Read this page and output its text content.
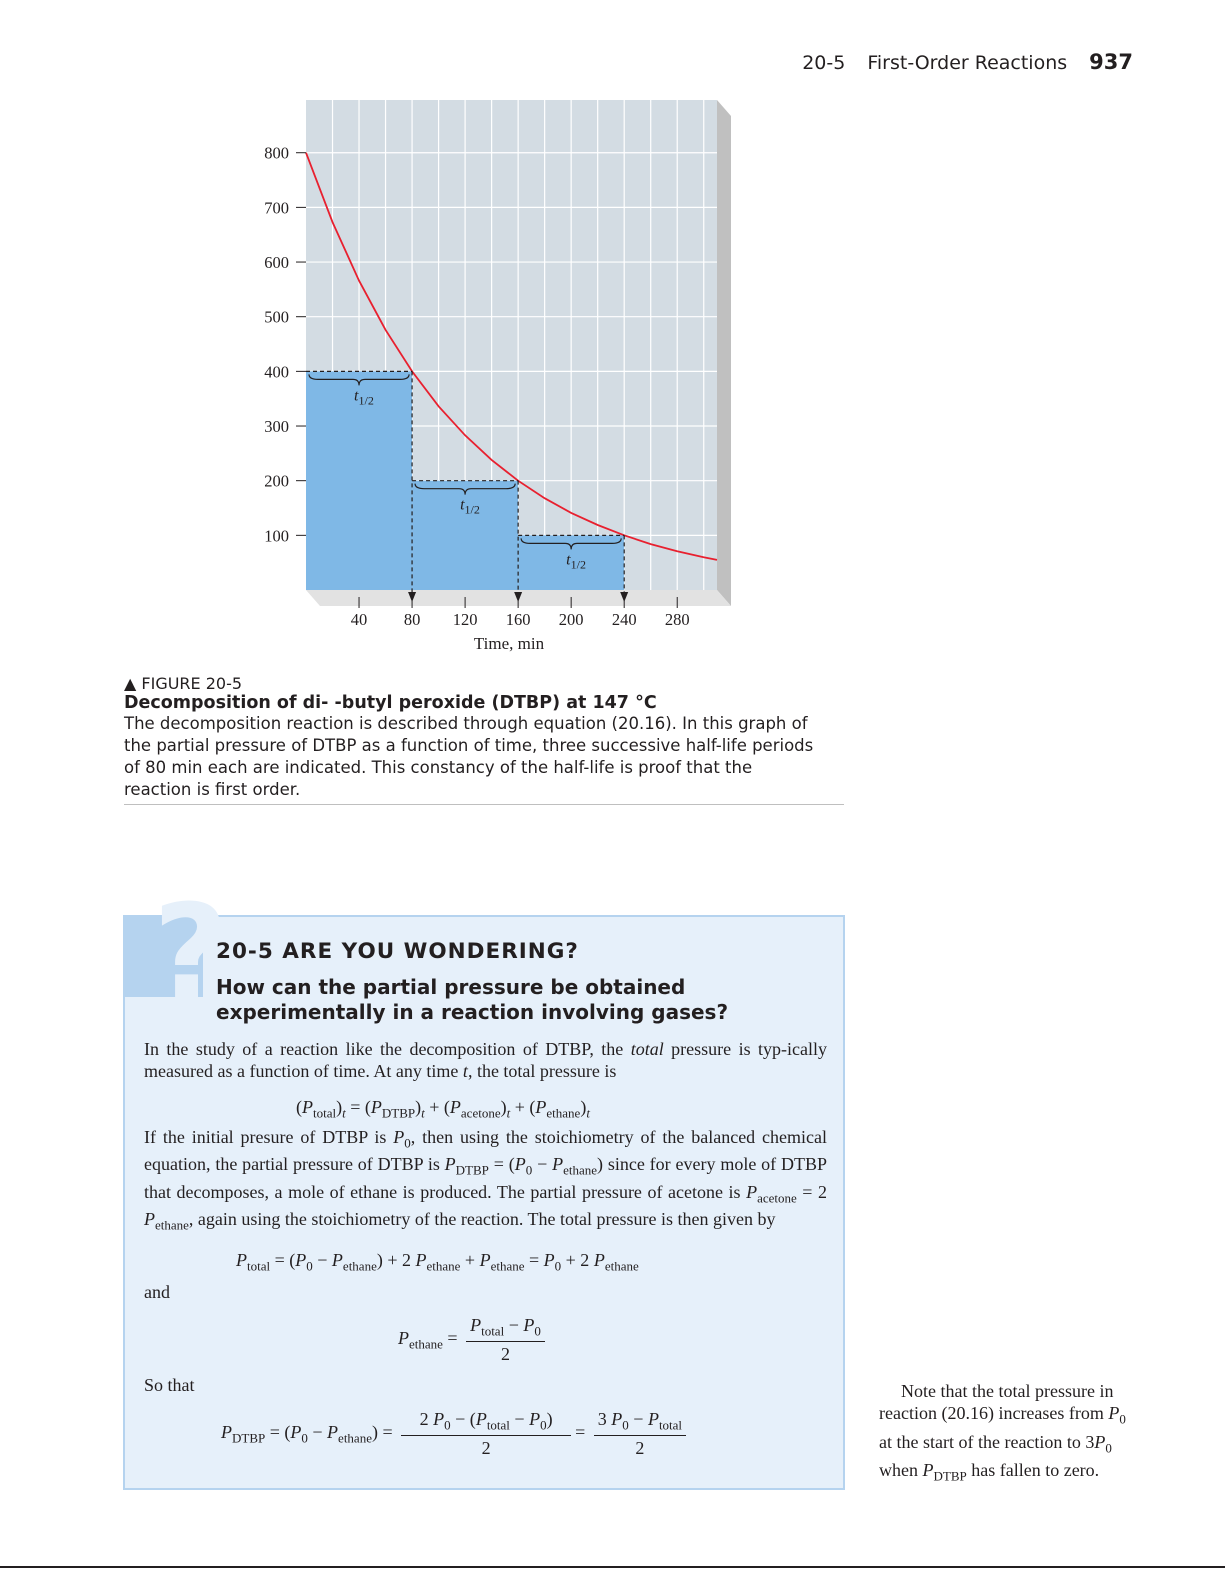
20-5 First-Order Reactions 937
$t_{1/2}$
$t_{1/2}$
$t_{1/2}$
100
200
300
400
500
600
700
800
40 80 120 160 200 240 280
Time, min
▲ FIGURE 20-5
Decomposition of di- -butyl peroxide (DTBP) at 147 °C
The decomposition reaction is described through equation (20.16). In this graph of the partial pressure of DTBP as a function of time, three successive half-life periods of 80 min each are indicated. This constancy of the half-life is proof that the reaction is first order.
?
20-5 ARE YOU WONDERING?
How can the partial pressure be obtained experimentally in a reaction involving gases?
In the study of a reaction like the decomposition of DTBP, the total pressure is typ-ically measured as a function of time. At any time t, the total pressure is
$(P_{total})_t = (P_{DTBP})_t + (P_{acetone})_t + (P_{ethane})_t$
If the initial presure of DTBP is $P_0$, then using the stoichiometry of the balanced chemical equation, the partial pressure of DTBP is $P_{DTBP} = (P_0 - P_{ethane})$ since for every mole of DTBP that decomposes, a mole of ethane is produced. The partial pressure of acetone is $P_{acetone} = 2$ $P_{ethane}$, again using the stoichiometry of the reaction. The total pressure is then given by
$P_{total} = (P_0 - P_{ethane}) + 2$ $P_{ethane} + P_{ethane} = P_0 + 2$ $P_{ethane}$
and
$P_{ethane} = \frac{P_{total} - P_0}{2}$
So that
$P_{DTBP} = (P_0 - P_{ethane}) = \frac{2 P_0 - (P_{total} - P_0)}{2} = \frac{3 P_0 - P_{total}}{2}$
Note that the total pressure in reaction (20.16) increases from $P_0$ at the start of the reaction to $3P_0$ when $P_{DTBP}$ has fallen to zero.
